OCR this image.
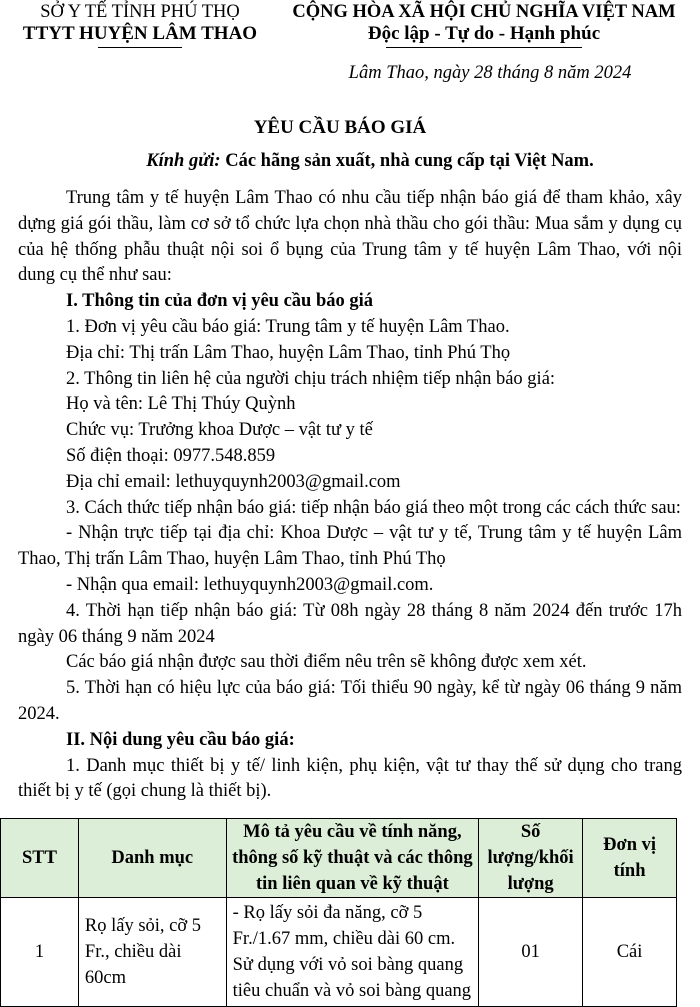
SỞ Y TẾ TỈNH PHÚ THỌ
TTYT HUYỆN LÂM THAO
CỘNG HÒA XÃ HỘI CHỦ NGHĨA VIỆT NAM
Độc lập - Tự do - Hạnh phúc
Lâm Thao, ngày 28 tháng 8 năm 2024
YÊU CẦU BÁO GIÁ
Kính gửi: Các hãng sản xuất, nhà cung cấp tại Việt Nam.

Trung tâm y tế huyện Lâm Thao có nhu cầu tiếp nhận báo giá để tham khảo, xây dựng giá gói thầu, làm cơ sở tổ chức lựa chọn nhà thầu cho gói thầu: Mua sắm y dụng cụ của hệ thống phẫu thuật nội soi ổ bụng của Trung tâm y tế huyện Lâm Thao, với nội dung cụ thể như sau:

I. Thông tin của đơn vị yêu cầu báo giá

1. Đơn vị yêu cầu báo giá: Trung tâm y tế huyện Lâm Thao.

Địa chỉ: Thị trấn Lâm Thao, huyện Lâm Thao, tỉnh Phú Thọ

2. Thông tin liên hệ của người chịu trách nhiệm tiếp nhận báo giá:

Họ và tên: Lê Thị Thúy Quỳnh

Chức vụ: Trưởng khoa Dược – vật tư y tế

Số điện thoại: 0977.548.859

Địa chỉ email: lethuyquynh2003@gmail.com

3. Cách thức tiếp nhận báo giá: tiếp nhận báo giá theo một trong các cách thức sau:

- Nhận trực tiếp tại địa chỉ: Khoa Dược – vật tư y tế, Trung tâm y tế huyện Lâm Thao, Thị trấn Lâm Thao, huyện Lâm Thao, tỉnh Phú Thọ

- Nhận qua email: lethuyquynh2003@gmail.com.

4. Thời hạn tiếp nhận báo giá: Từ 08h ngày 28 tháng 8 năm 2024 đến trước 17h ngày 06 tháng 9 năm 2024

Các báo giá nhận được sau thời điểm nêu trên sẽ không được xem xét.

5. Thời hạn có hiệu lực của báo giá: Tối thiểu 90 ngày, kể từ ngày 06 tháng 9 năm 2024.

II. Nội dung yêu cầu báo giá:

1. Danh mục thiết bị y tế/ linh kiện, phụ kiện, vật tư thay thế sử dụng cho trang thiết bị y tế (gọi chung là thiết bị).

STT	Danh mục	Mô tả yêu cầu về tính năng, thông số kỹ thuật và các thông tin liên quan về kỹ thuật	Số lượng/khối lượng	Đơn vị tính
1	Rọ lấy sỏi, cỡ 5 Fr., chiều dài 60cm	- Rọ lấy sỏi đa năng, cỡ 5 Fr./1.67 mm, chiều dài 60 cm. Sử dụng với vỏ soi bàng quang tiêu chuẩn và vỏ soi bàng quang	01	Cái
